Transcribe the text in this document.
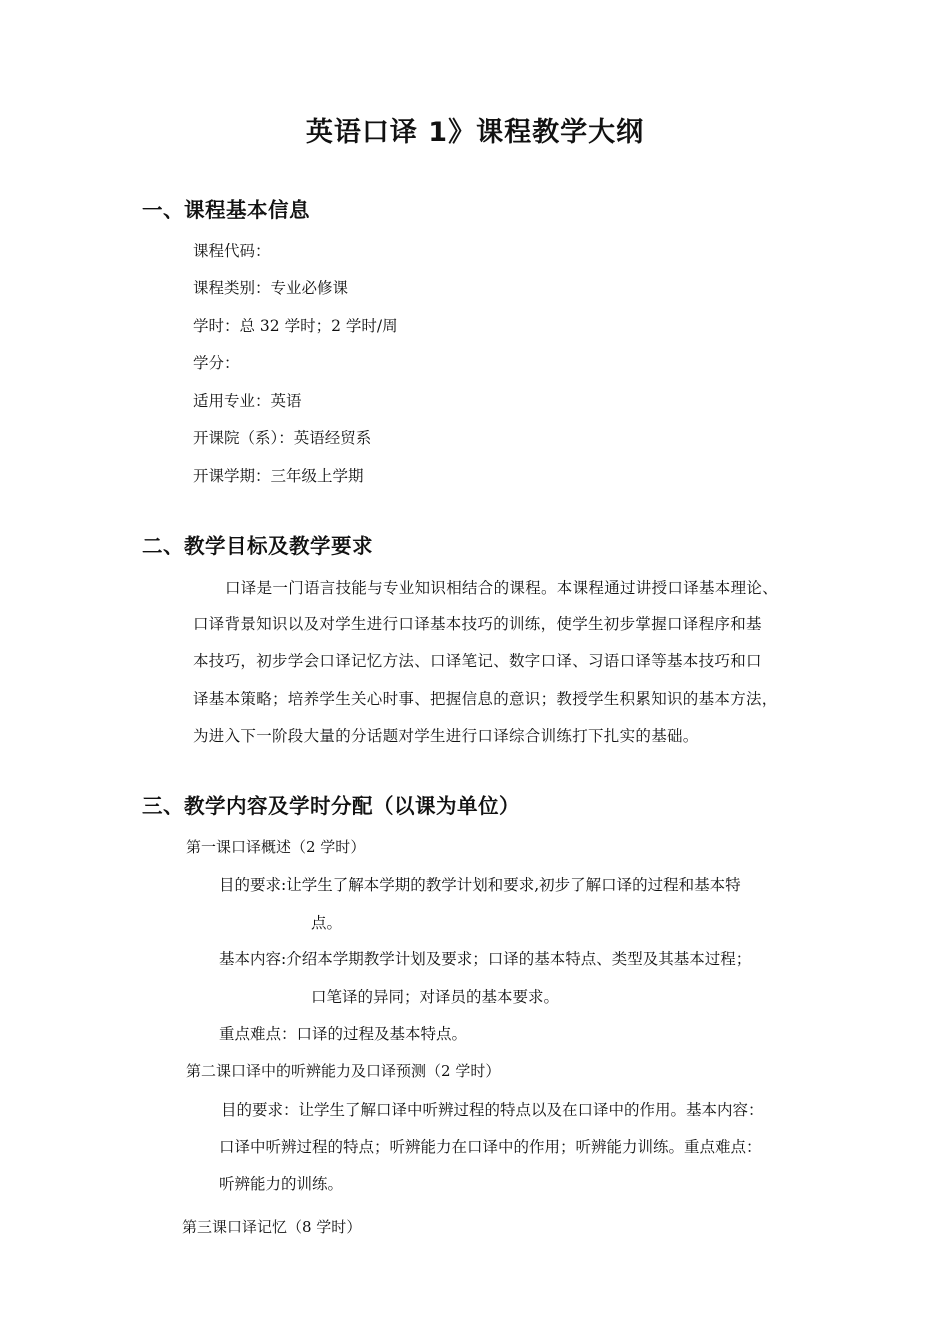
英语口译 1》课程教学大纲
一、课程基本信息
课程代码：
课程类别：专业必修课
学时：总 32 学时；2 学时/周
学分：
适用专业：英语
开课院（系）：英语经贸系
开课学期：三年级上学期
二、教学目标及教学要求
口译是一门语言技能与专业知识相结合的课程。本课程通过讲授口译基本理论、
口译背景知识以及对学生进行口译基本技巧的训练，使学生初步掌握口译程序和基
本技巧，初步学会口译记忆方法、口译笔记、数字口译、习语口译等基本技巧和口
译基本策略；培养学生关心时事、把握信息的意识；教授学生积累知识的基本方法，
为进入下一阶段大量的分话题对学生进行口译综合训练打下扎实的基础。
三、教学内容及学时分配（以课为单位）
第一课口译概述（2 学时）
目的要求:让学生了解本学期的教学计划和要求,初步了解口译的过程和基本特
点。
基本内容:介绍本学期教学计划及要求；口译的基本特点、类型及其基本过程；
口笔译的异同；对译员的基本要求。
重点难点：口译的过程及基本特点。
第二课口译中的听辨能力及口译预测（2 学时）
目的要求：让学生了解口译中听辨过程的特点以及在口译中的作用。基本内容：
口译中听辨过程的特点；听辨能力在口译中的作用；听辨能力训练。重点难点：
听辨能力的训练。
第三课口译记忆（8 学时）
